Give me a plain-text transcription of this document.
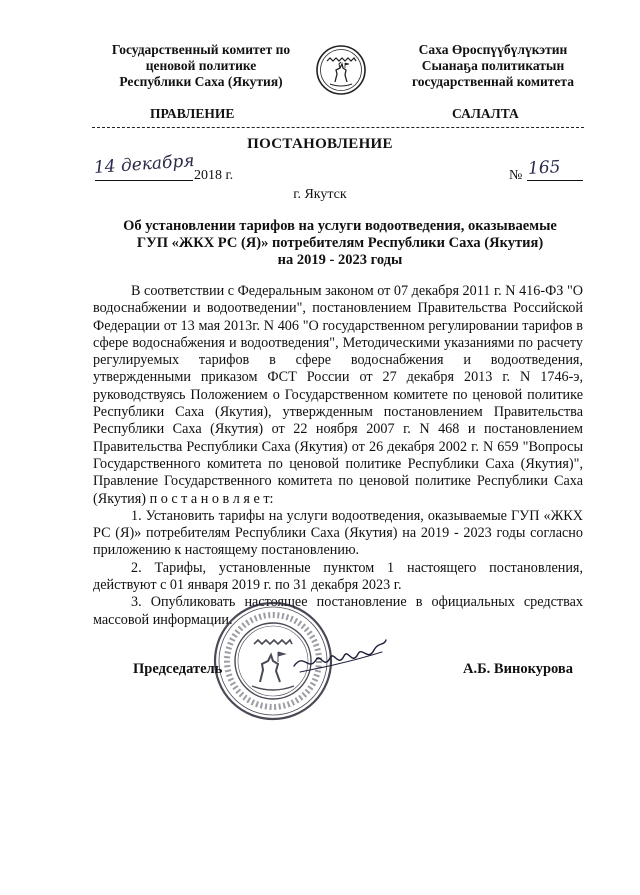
Государственный комитет по
ценовой политике
Республики Саха (Якутия)
Саха Өроспүүбүлүкэтин
Сыанаҕа политикатын
государственнай комитета
ПРАВЛЕНИЕ	САЛАЛТА
ПОСТАНОВЛЕНИЕ
14 декабря
2018 г.	№ 165
г. Якутск
Об установлении тарифов на услуги водоотведения, оказываемые
ГУП «ЖКХ РС (Я)» потребителям Республики Саха (Якутия)
на 2019 - 2023 годы

В соответствии с Федеральным законом от 07 декабря 2011 г. N 416-ФЗ "О водоснабжении и водоотведении", постановлением Правительства Российской Федерации от 13 мая 2013г. N 406 "О государственном регулировании тарифов в сфере водоснабжения и водоотведения", Методическими указаниями по расчету регулируемых тарифов в сфере водоснабжения и водоотведения, утвержденными приказом ФСТ России от 27 декабря 2013 г. N 1746-э, руководствуясь Положением о Государственном комитете по ценовой политике Республики Саха (Якутия), утвержденным постановлением Правительства Республики Саха (Якутия) от 22 ноября 2007 г. N 468 и постановлением Правительства Республики Саха (Якутия) от 26 декабря 2002 г. N 659 "Вопросы Государственного комитета по ценовой политике Республики Саха (Якутия)", Правление Государственного комитета по ценовой политике Республики Саха (Якутия) п о с т а н о в л я е т:

1. Установить тарифы на услуги водоотведения, оказываемые ГУП «ЖКХ РС (Я)» потребителям Республики Саха (Якутия) на 2019 - 2023 годы согласно приложению к настоящему постановлению.

2. Тарифы, установленные пунктом 1 настоящего постановления, действуют с 01 января 2019 г. по 31 декабря 2023 г.

3. Опубликовать настоящее постановление в официальных средствах массовой информации.

Председатель	А.Б. Винокурова
